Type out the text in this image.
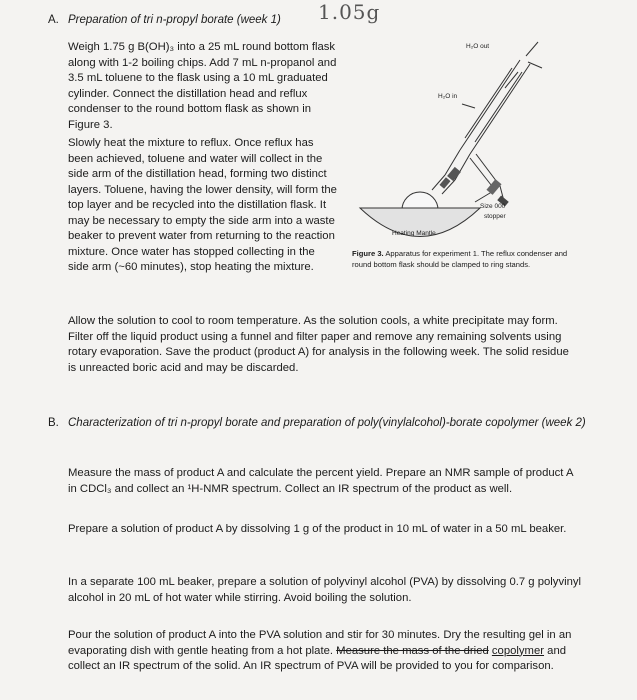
A. Preparation of tri n-propyl borate (week 1) 1.05g

Weigh 1.75 g B(OH)₃ into a 25 mL round bottom flask along with 1-2 boiling chips. Add 7 mL n-propanol and 3.5 mL toluene to the flask using a 10 mL graduated cylinder. Connect the distillation head and reflux condenser to the round bottom flask as shown in Figure 3.

Slowly heat the mixture to reflux. Once reflux has been achieved, toluene and water will collect in the side arm of the distillation head, forming two distinct layers. Toluene, having the lower density, will form the top layer and be recycled into the distillation flask. It may be necessary to empty the side arm into a waste beaker to prevent water from returning to the reaction mixture. Once water has stopped collecting in the side arm (~60 minutes), stop heating the mixture.

H₂O out
H₂O in
Size 000 stopper
Heating Mantle
Figure 3. Apparatus for experiment 1. The reflux condenser and round bottom flask should be clamped to ring stands.

Allow the solution to cool to room temperature. As the solution cools, a white precipitate may form. Filter off the liquid product using a funnel and filter paper and remove any remaining solvents using rotary evaporation. Save the product (product A) for analysis in the following week. The solid residue is unreacted boric acid and may be discarded.

B. Characterization of tri n-propyl borate and preparation of poly(vinylalcohol)-borate copolymer (week 2)

Measure the mass of product A and calculate the percent yield. Prepare an NMR sample of product A in CDCl₃ and collect an ¹H-NMR spectrum. Collect an IR spectrum of the product as well.

Prepare a solution of product A by dissolving 1 g of the product in 10 mL of water in a 50 mL beaker.

In a separate 100 mL beaker, prepare a solution of polyvinyl alcohol (PVA) by dissolving 0.7 g polyvinyl alcohol in 20 mL of hot water while stirring. Avoid boiling the solution.

Pour the solution of product A into the PVA solution and stir for 30 minutes. Dry the resulting gel in an evaporating dish with gentle heating from a hot plate. Measure the mass of the dried copolymer and collect an IR spectrum of the solid. An IR spectrum of PVA will be provided to you for comparison.
